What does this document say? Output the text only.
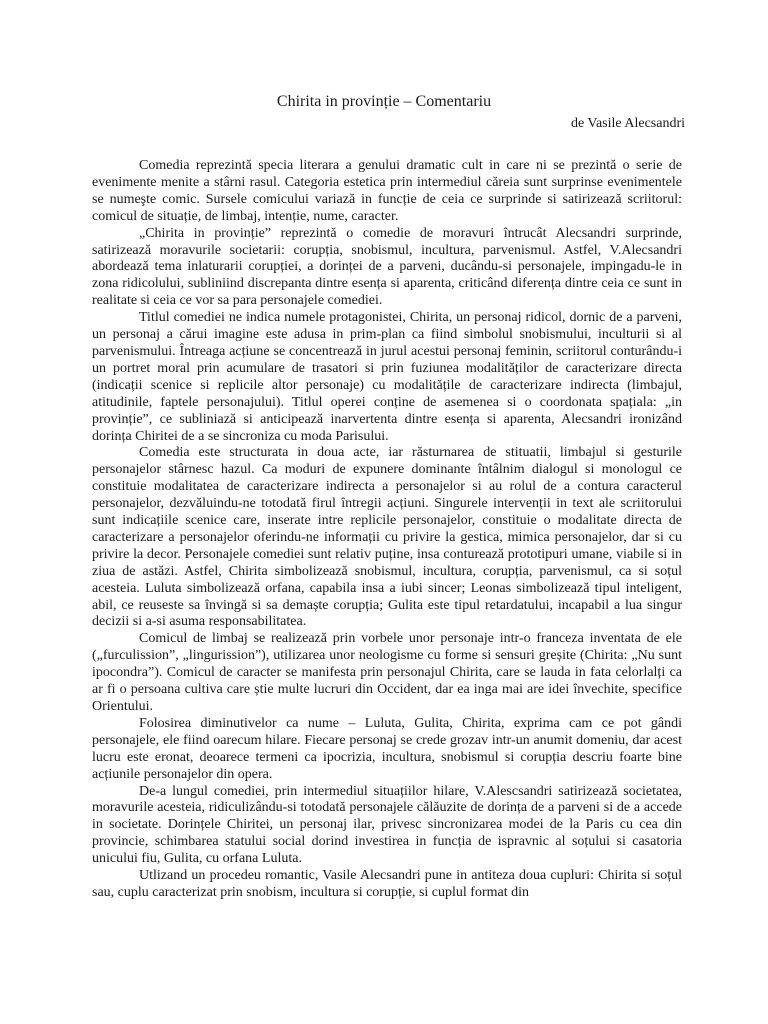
Chirita in provinție – Comentariu
de Vasile Alecsandri

Comedia reprezintă specia literara a genului dramatic cult in care ni se prezintă o serie de evenimente menite a stârni rasul. Categoria estetica prin intermediul căreia sunt surprinse evenimentele se numeşte comic. Sursele comicului variază in funcție de ceia ce surprinde si satirizează scriitorul: comicul de situație, de limbaj, intenție, nume, caracter.

„Chirita in provinție” reprezintă o comedie de moravuri întrucât Alecsandri surprinde, satirizează moravurile societarii: corupția, snobismul, incultura, parvenismul. Astfel, V.Alecsandri abordează tema inlaturarii corupției, a dorinței de a parveni, ducându-si personajele, impingadu-le in zona ridicolului, subliniind discrepanta dintre esența si aparenta, criticând diferența dintre ceia ce sunt in realitate si ceia ce vor sa para personajele comediei.

Titlul comediei ne indica numele protagonistei, Chirita, un personaj ridicol, dornic de a parveni, un personaj a cărui imagine este adusa in prim-plan ca fiind simbolul snobismului, inculturii si al parvenismului. Întreaga acțiune se concentrează in jurul acestui personaj feminin, scriitorul conturându-i un portret moral prin acumulare de trasatori si prin fuziunea modalităților de caracterizare directa (indicații scenice si replicile altor personaje) cu modalitățile de caracterizare indirecta (limbajul, atitudinile, faptele personajului). Titlul operei conține de asemenea si o coordonata spațiala: „in provinție”, ce subliniază si anticipează inarvertenta dintre esența si aparenta, Alecsandri ironizând dorința Chiritei de a se sincroniza cu moda Parisului.

Comedia este structurata in doua acte, iar răsturnarea de stituatii, limbajul si gesturile personajelor stârnesc hazul. Ca moduri de expunere dominante întâlnim dialogul si monologul ce constituie modalitatea de caracterizare indirecta a personajelor si au rolul de a contura caracterul personajelor, dezvăluindu-ne totodată firul întregii acțiuni. Singurele intervenții in text ale scriitorului sunt indicațiile scenice care, inserate intre replicile personajelor, constituie o modalitate directa de caracterizare a personajelor oferindu-ne informații cu privire la gestica, mimica personajelor, dar si cu privire la decor. Personajele comediei sunt relativ puține, insa conturează prototipuri umane, viabile si in ziua de astăzi. Astfel, Chirita simbolizează snobismul, incultura, corupția, parvenismul, ca si soțul acesteia. Luluta simbolizează orfana, capabila insa a iubi sincer; Leonas simbolizează tipul inteligent, abil, ce reuseste sa învingă si sa demaște corupția; Gulita este tipul retardatului, incapabil a lua singur decizii si a-si asuma responsabilitatea.

Comicul de limbaj se realizează prin vorbele unor personaje intr-o franceza inventata de ele („furculission”, „lingurission”), utilizarea unor neologisme cu forme si sensuri greșite (Chirita: „Nu sunt ipocondra”). Comicul de caracter se manifesta prin personajul Chirita, care se lauda in fata celorlalți ca ar fi o persoana cultiva care știe multe lucruri din Occident, dar ea inga mai are idei învechite, specifice Orientului.

Folosirea diminutivelor ca nume – Luluta, Gulita, Chirita, exprima cam ce pot gândi personajele, ele fiind oarecum hilare. Fiecare personaj se crede grozav intr-un anumit domeniu, dar acest lucru este eronat, deoarece termeni ca ipocrizia, incultura, snobismul si corupția descriu foarte bine acțiunile personajelor din opera.

De-a lungul comediei, prin intermediul situațiilor hilare, V.Alescsandri satirizează societatea, moravurile acesteia, ridiculizându-si totodată personajele călăuzite de dorința de a parveni si de a accede in societate. Dorințele Chiritei, un personaj ilar, privesc sincronizarea modei de la Paris cu cea din provincie, schimbarea statului social dorind investirea in funcția de ispravnic al soțului si casatoria unicului fiu, Gulita, cu orfana Luluta.

Utlizand un procedeu romantic, Vasile Alecsandri pune in antiteza doua cupluri: Chirita si soțul sau, cuplu caracterizat prin snobism, incultura si corupție, si cuplul format din
